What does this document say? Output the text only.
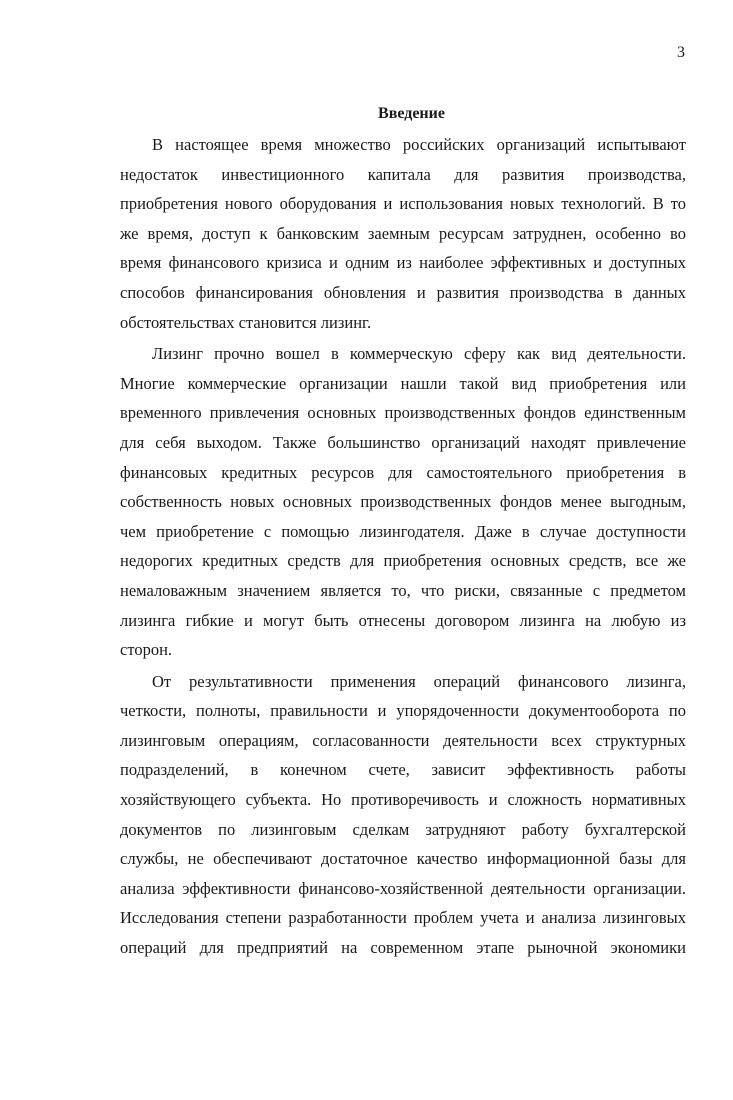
3
Введение
В настоящее время множество российских организаций испытывают
недостаток инвестиционного капитала для развития производства,
приобретения нового оборудования и использования новых технологий. В то
же время, доступ к банковским заемным ресурсам затруднен, особенно во
время финансового кризиса и одним из наиболее эффективных и доступных
способов финансирования обновления и развития производства в данных
обстоятельствах становится лизинг.
Лизинг прочно вошел в коммерческую сферу как вид деятельности.
Многие коммерческие организации нашли такой вид приобретения или
временного привлечения основных производственных фондов единственным
для себя выходом. Также большинство организаций находят привлечение
финансовых кредитных ресурсов для самостоятельного приобретения в
собственность новых основных производственных фондов менее выгодным,
чем приобретение с помощью лизингодателя. Даже в случае доступности
недорогих кредитных средств для приобретения основных средств, все же
немаловажным значением является то, что риски, связанные с предметом
лизинга гибкие и могут быть отнесены договором лизинга на любую из
сторон.
От результативности применения операций финансового лизинга,
четкости, полноты, правильности и упорядоченности документооборота по
лизинговым операциям, согласованности деятельности всех структурных
подразделений, в конечном счете, зависит эффективность работы
хозяйствующего субъекта. Но противоречивость и сложность нормативных
документов по лизинговым сделкам затрудняют работу бухгалтерской
службы, не обеспечивают достаточное качество информационной базы для
анализа эффективности финансово-хозяйственной деятельности организации.
Исследования степени разработанности проблем учета и анализа лизинговых
операций для предприятий на современном этапе рыночной экономики
